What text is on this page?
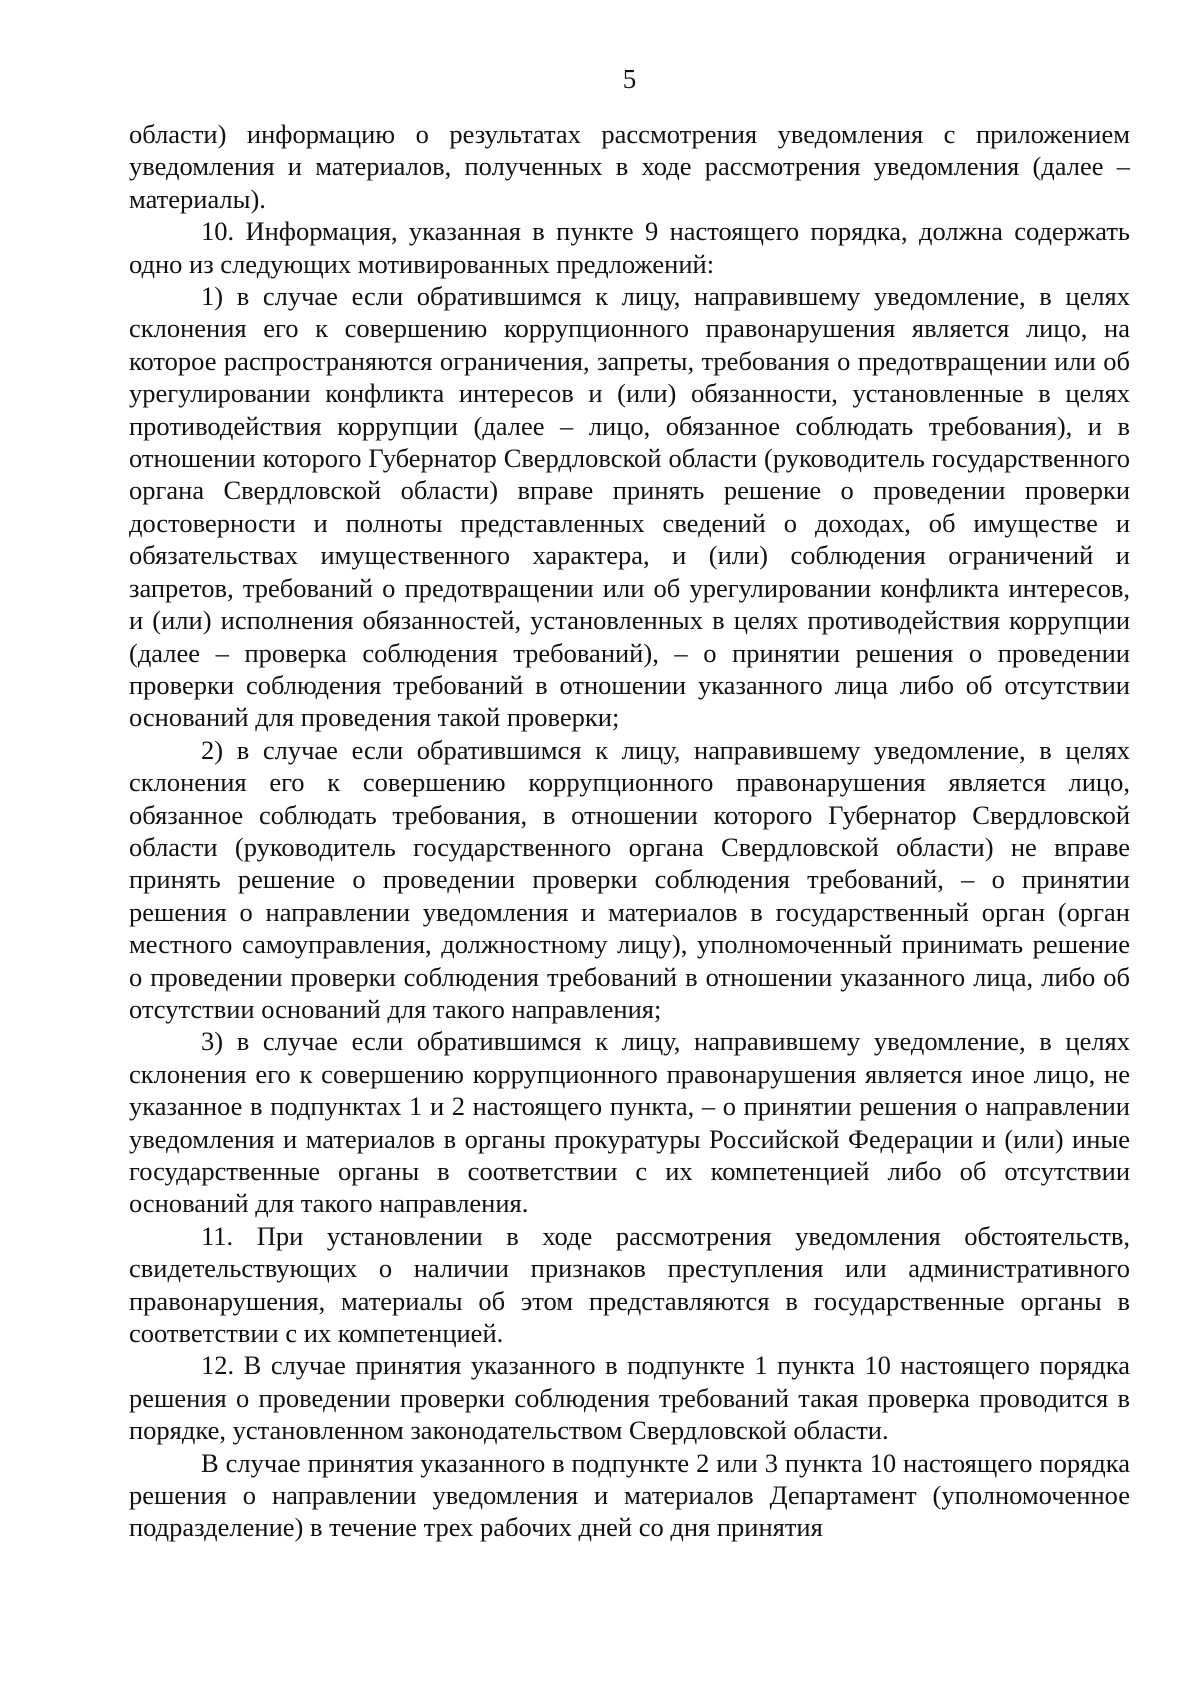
5

области) информацию о результатах рассмотрения уведомления с приложением уведомления и материалов, полученных в ходе рассмотрения уведомления (далее – материалы).

10. Информация, указанная в пункте 9 настоящего порядка, должна содержать одно из следующих мотивированных предложений:

1) в случае если обратившимся к лицу, направившему уведомление, в целях склонения его к совершению коррупционного правонарушения является лицо, на которое распространяются ограничения, запреты, требования о предотвращении или об урегулировании конфликта интересов и (или) обязанности, установленные в целях противодействия коррупции (далее – лицо, обязанное соблюдать требования), и в отношении которого Губернатор Свердловской области (руководитель государственного органа Свердловской области) вправе принять решение о проведении проверки достоверности и полноты представленных сведений о доходах, об имуществе и обязательствах имущественного характера, и (или) соблюдения ограничений и запретов, требований о предотвращении или об урегулировании конфликта интересов, и (или) исполнения обязанностей, установленных в целях противодействия коррупции (далее – проверка соблюдения требований), – о принятии решения о проведении проверки соблюдения требований в отношении указанного лица либо об отсутствии оснований для проведения такой проверки;

2) в случае если обратившимся к лицу, направившему уведомление, в целях склонения его к совершению коррупционного правонарушения является лицо, обязанное соблюдать требования, в отношении которого Губернатор Свердловской области (руководитель государственного органа Свердловской области) не вправе принять решение о проведении проверки соблюдения требований, – о принятии решения о направлении уведомления и материалов в государственный орган (орган местного самоуправления, должностному лицу), уполномоченный принимать решение о проведении проверки соблюдения требований в отношении указанного лица, либо об отсутствии оснований для такого направления;

3) в случае если обратившимся к лицу, направившему уведомление, в целях склонения его к совершению коррупционного правонарушения является иное лицо, не указанное в подпунктах 1 и 2 настоящего пункта, – о принятии решения о направлении уведомления и материалов в органы прокуратуры Российской Федерации и (или) иные государственные органы в соответствии с их компетенцией либо об отсутствии оснований для такого направления.

11. При установлении в ходе рассмотрения уведомления обстоятельств, свидетельствующих о наличии признаков преступления или административного правонарушения, материалы об этом представляются в государственные органы в соответствии с их компетенцией.

12. В случае принятия указанного в подпункте 1 пункта 10 настоящего порядка решения о проведении проверки соблюдения требований такая проверка проводится в порядке, установленном законодательством Свердловской области.

В случае принятия указанного в подпункте 2 или 3 пункта 10 настоящего порядка решения о направлении уведомления и материалов Департамент (уполномоченное подразделение) в течение трех рабочих дней со дня принятия
